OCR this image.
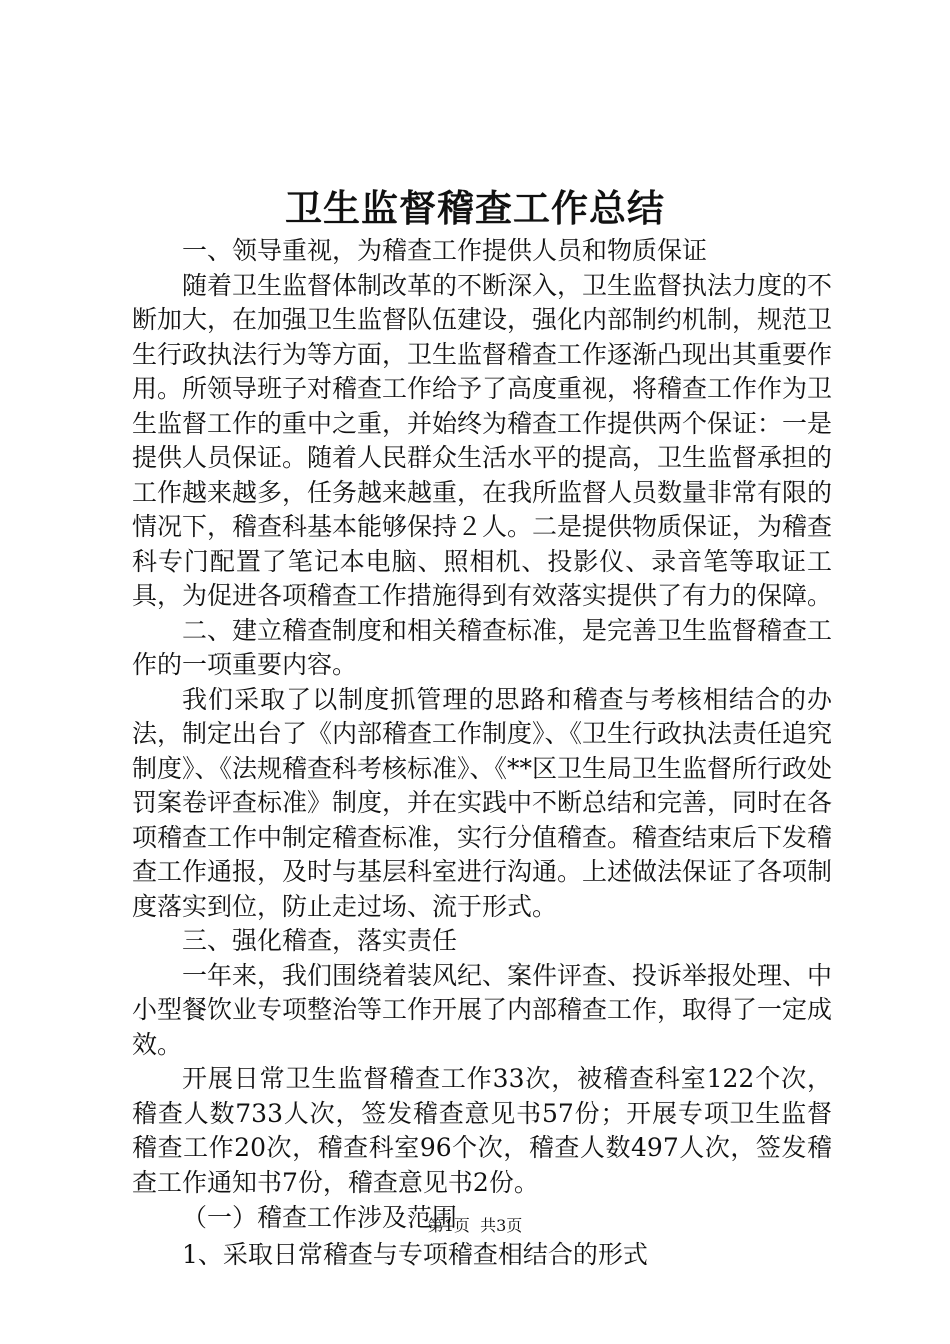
卫生监督稽查工作总结

一、领导重视，为稽查工作提供人员和物质保证

随着卫生监督体制改革的不断深入，卫生监督执法力度的不断加大，在加强卫生监督队伍建设，强化内部制约机制，规范卫生行政执法行为等方面，卫生监督稽查工作逐渐凸现出其重要作用。所领导班子对稽查工作给予了高度重视，将稽查工作作为卫生监督工作的重中之重，并始终为稽查工作提供两个保证：一是提供人员保证。随着人民群众生活水平的提高，卫生监督承担的工作越来越多，任务越来越重，在我所监督人员数量非常有限的情况下，稽查科基本能够保持２人。二是提供物质保证，为稽查科专门配置了笔记本电脑、照相机、投影仪、录音笔等取证工具，为促进各项稽查工作措施得到有效落实提供了有力的保障。

二、建立稽查制度和相关稽查标准，是完善卫生监督稽查工作的一项重要内容。

我们采取了以制度抓管理的思路和稽查与考核相结合的办法，制定出台了《内部稽查工作制度》、《卫生行政执法责任追究制度》、《法规稽查科考核标准》、《**区卫生局卫生监督所行政处罚案卷评查标准》制度，并在实践中不断总结和完善，同时在各项稽查工作中制定稽查标准，实行分值稽查。稽查结束后下发稽查工作通报，及时与基层科室进行沟通。上述做法保证了各项制度落实到位，防止走过场、流于形式。

三、强化稽查，落实责任

一年来，我们围绕着装风纪、案件评查、投诉举报处理、中小型餐饮业专项整治等工作开展了内部稽查工作，取得了一定成效。

开展日常卫生监督稽查工作33次，被稽查科室122个次，稽查人数733人次，签发稽查意见书57份；开展专项卫生监督稽查工作20次，稽查科室96个次，稽查人数497人次，签发稽查工作通知书7份，稽查意见书2份。

（一）稽查工作涉及范围

1、采取日常稽查与专项稽查相结合的形式

第1页  共3页
